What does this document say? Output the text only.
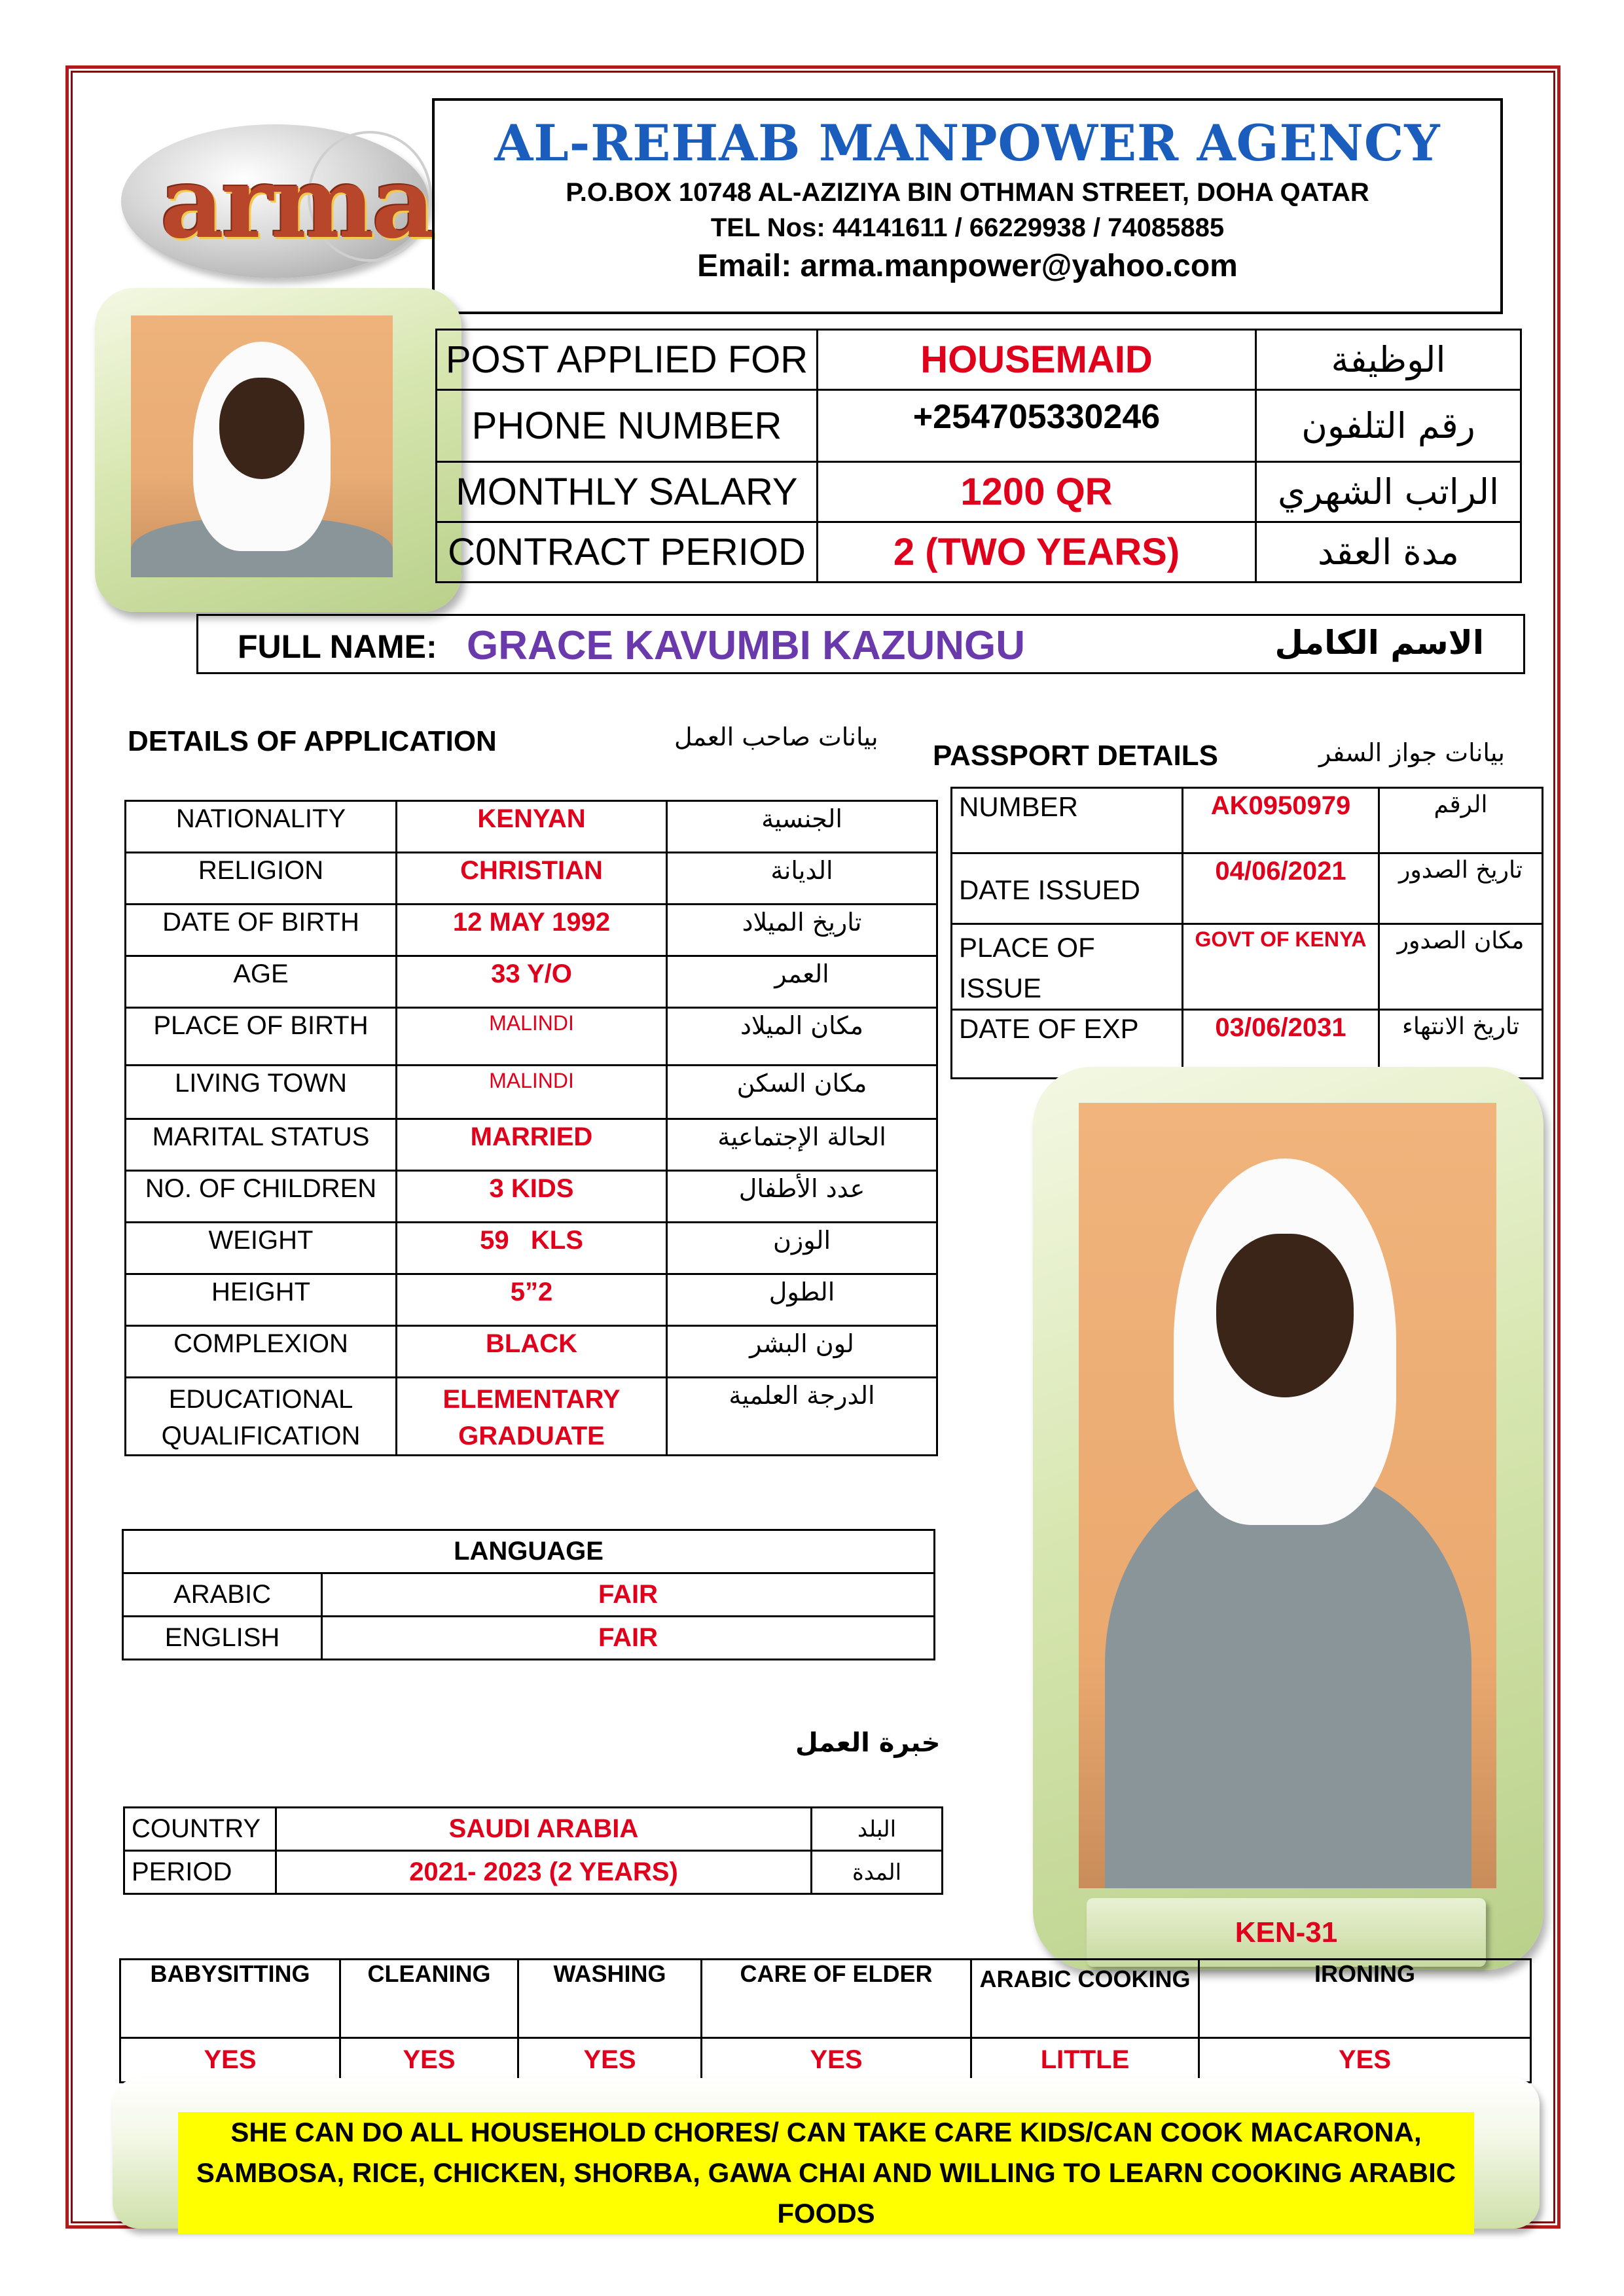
arma
AL-REHAB MANPOWER AGENCY
P.O.BOX 10748 AL-AZIZIYA BIN OTHMAN STREET, DOHA QATAR
TEL Nos: 44141611 / 66229938 / 74085885
Email: arma.manpower@yahoo.com
POST APPLIED FOR	HOUSEMAID	الوظيفة
PHONE NUMBER	+254705330246	رقم التلفون
MONTHLY SALARY	1200 QR	الراتب الشهري
C0NTRACT PERIOD	2 (TWO YEARS)	مدة العقد
FULL NAME: GRACE KAVUMBI KAZUNGU	الاسم الكامل
DETAILS OF APPLICATION	بيانات صاحب العمل
NATIONALITY	KENYAN	الجنسية
RELIGION	CHRISTIAN	الديانة
DATE OF BIRTH	12 MAY 1992	تاريخ الميلاد
AGE	33 Y/O	العمر
PLACE OF BIRTH	MALINDI	مكان الميلاد
LIVING TOWN	MALINDI	مكان السكن
MARITAL STATUS	MARRIED	الحالة الإجتماعية
NO. OF CHILDREN	3 KIDS	عدد الأطفال
WEIGHT	59   KLS	الوزن
HEIGHT	5”2	الطول
COMPLEXION	BLACK	لون البشر
EDUCATIONAL QUALIFICATION	ELEMENTARY GRADUATE	الدرجة العلمية
PASSPORT DETAILS	بيانات جواز السفر
NUMBER	AK0950979	الرقم
DATE ISSUED	04/06/2021	تاريخ الصدور
PLACE OF ISSUE	GOVT OF KENYA	مكان الصدور
DATE OF EXP	03/06/2031	تاريخ الانتهاء
KEN-31
LANGUAGE	
ARABIC	FAIR
ENGLISH	FAIR
خبرة العمل
COUNTRY	SAUDI ARABIA	البلد
PERIOD	2021- 2023 (2 YEARS)	المدة
BABYSITTING	CLEANING	WASHING	CARE OF ELDER	ARABIC COOKING	IRONING
YES	YES	YES	YES	LITTLE	YES
SHE CAN DO ALL HOUSEHOLD CHORES/ CAN TAKE CARE KIDS/CAN COOK MACARONA, SAMBOSA, RICE, CHICKEN, SHORBA, GAWA CHAI AND WILLING TO LEARN COOKING ARABIC FOODS
